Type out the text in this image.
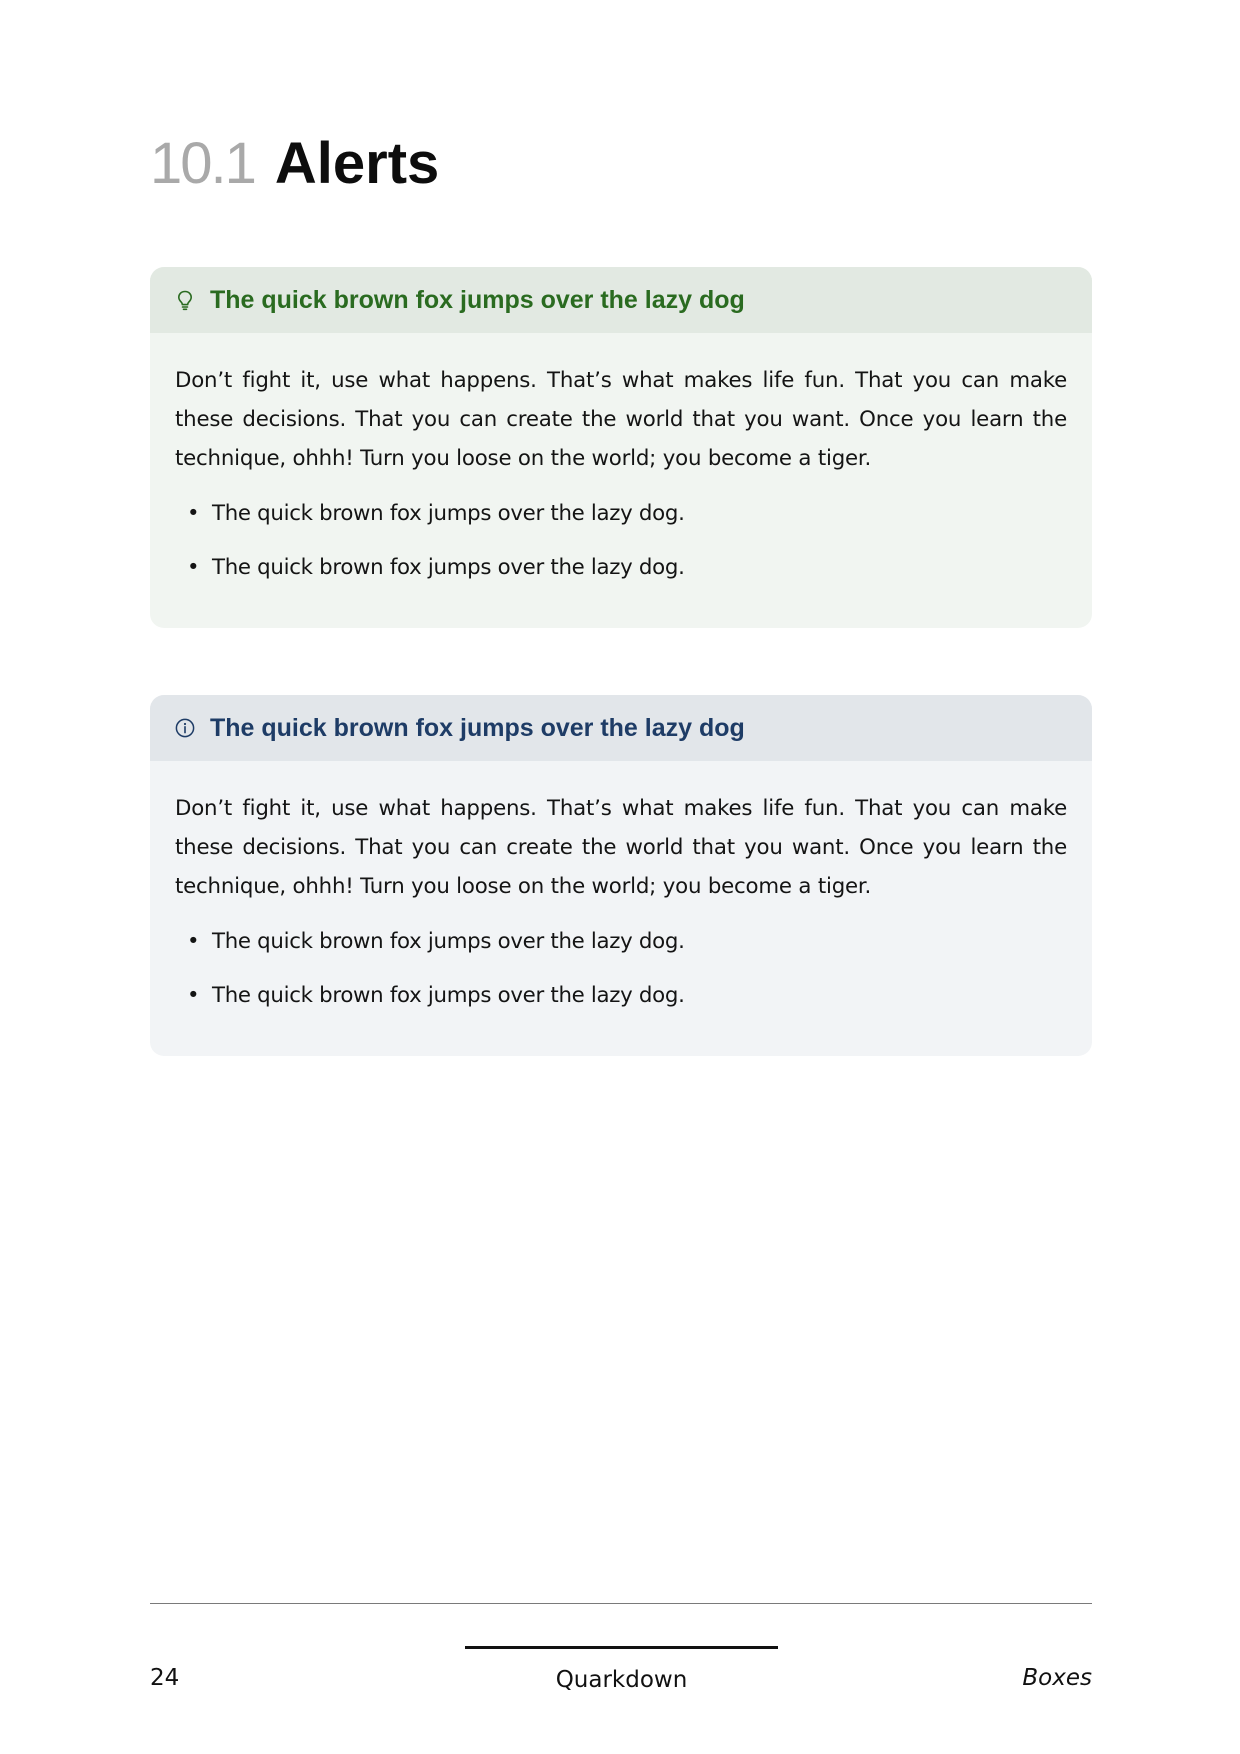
10.1 Alerts
The quick brown fox jumps over the lazy dog

Don’t fight it, use what happens. That’s what makes life fun. That you can make these decisions. That you can create the world that you want. Once you learn the technique, ohhh! Turn you loose on the world; you become a tiger.

• The quick brown fox jumps over the lazy dog.
• The quick brown fox jumps over the lazy dog.
The quick brown fox jumps over the lazy dog

Don’t fight it, use what happens. That’s what makes life fun. That you can make these decisions. That you can create the world that you want. Once you learn the technique, ohhh! Turn you loose on the world; you become a tiger.

• The quick brown fox jumps over the lazy dog.
• The quick brown fox jumps over the lazy dog.
24	Quarkdown	Boxes
